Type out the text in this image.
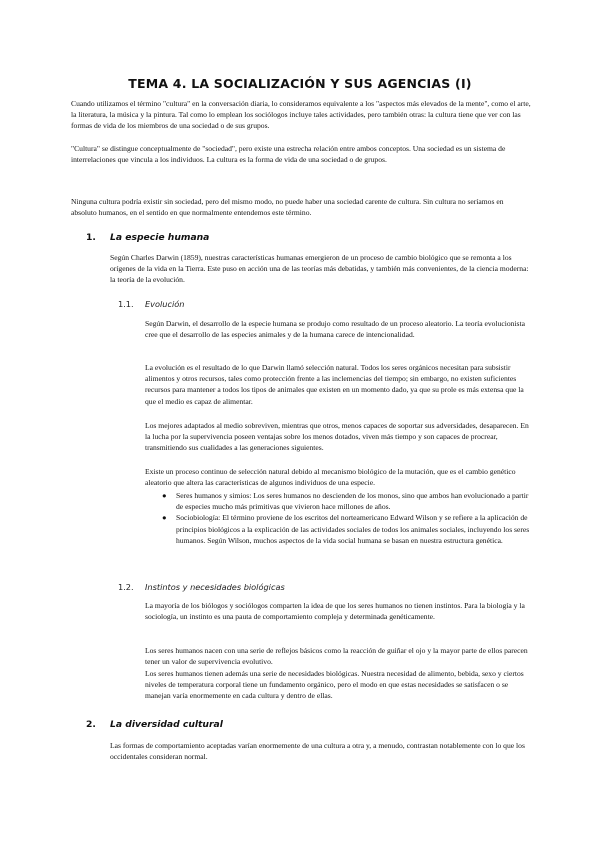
TEMA 4. LA SOCIALIZACIÓN Y SUS AGENCIAS (I)

Cuando utilizamos el término "cultura" en la conversación diaria, lo consideramos equivalente a los "aspectos más elevados de la mente", como el arte, la literatura, la música y la pintura. Tal como lo emplean los sociólogos incluye tales actividades, pero también otras: la cultura tiene que ver con las formas de vida de los miembros de una sociedad o de sus grupos.

"Cultura" se distingue conceptualmente de "sociedad", pero existe una estrecha relación entre ambos conceptos. Una sociedad es un sistema de interrelaciones que vincula a los individuos. La cultura es la forma de vida de una sociedad o de grupos.

Ninguna cultura podría existir sin sociedad, pero del mismo modo, no puede haber una sociedad carente de cultura. Sin cultura no seríamos en absoluto humanos, en el sentido en que normalmente entendemos este término.

1. La especie humana

Según Charles Darwin (1859), nuestras características humanas emergieron de un proceso de cambio biológico que se remonta a los orígenes de la vida en la Tierra. Este puso en acción una de las teorías más debatidas, y también más convenientes, de la ciencia moderna: la teoría de la evolución.

1.1. Evolución

Según Darwin, el desarrollo de la especie humana se produjo como resultado de un proceso aleatorio. La teoría evolucionista cree que el desarrollo de las especies animales y de la humana carece de intencionalidad.

La evolución es el resultado de lo que Darwin llamó selección natural. Todos los seres orgánicos necesitan para subsistir alimentos y otros recursos, tales como protección frente a las inclemencias del tiempo; sin embargo, no existen suficientes recursos para mantener a todos los tipos de animales que existen en un momento dado, ya que su prole es más extensa que la que el medio es capaz de alimentar.

Los mejores adaptados al medio sobreviven, mientras que otros, menos capaces de soportar sus adversidades, desaparecen. En la lucha por la supervivencia poseen ventajas sobre los menos dotados, viven más tiempo y son capaces de procrear, transmitiendo sus cualidades a las generaciones siguientes.

Existe un proceso continuo de selección natural debido al mecanismo biológico de la mutación, que es el cambio genético aleatorio que altera las características de algunos individuos de una especie.

● Seres humanos y simios: Los seres humanos no descienden de los monos, sino que ambos han evolucionado a partir de especies mucho más primitivas que vivieron hace millones de años.
● Sociobiología: El término proviene de los escritos del norteamericano Edward Wilson y se refiere a la aplicación de principios biológicos a la explicación de las actividades sociales de todos los animales sociales, incluyendo los seres humanos. Según Wilson, muchos aspectos de la vida social humana se basan en nuestra estructura genética.
1.2. Instintos y necesidades biológicas

La mayoría de los biólogos y sociólogos comparten la idea de que los seres humanos no tienen instintos. Para la biología y la sociología, un instinto es una pauta de comportamiento compleja y determinada genéticamente.

Los seres humanos nacen con una serie de reflejos básicos como la reacción de guiñar el ojo y la mayor parte de ellos parecen tener un valor de supervivencia evolutivo.

Los seres humanos tienen además una serie de necesidades biológicas. Nuestra necesidad de alimento, bebida, sexo y ciertos niveles de temperatura corporal tiene un fundamento orgánico, pero el modo en que estas necesidades se satisfacen o se manejan varía enormemente en cada cultura y dentro de ellas.

2. La diversidad cultural

Las formas de comportamiento aceptadas varían enormemente de una cultura a otra y, a menudo, contrastan notablemente con lo que los occidentales consideran normal.
